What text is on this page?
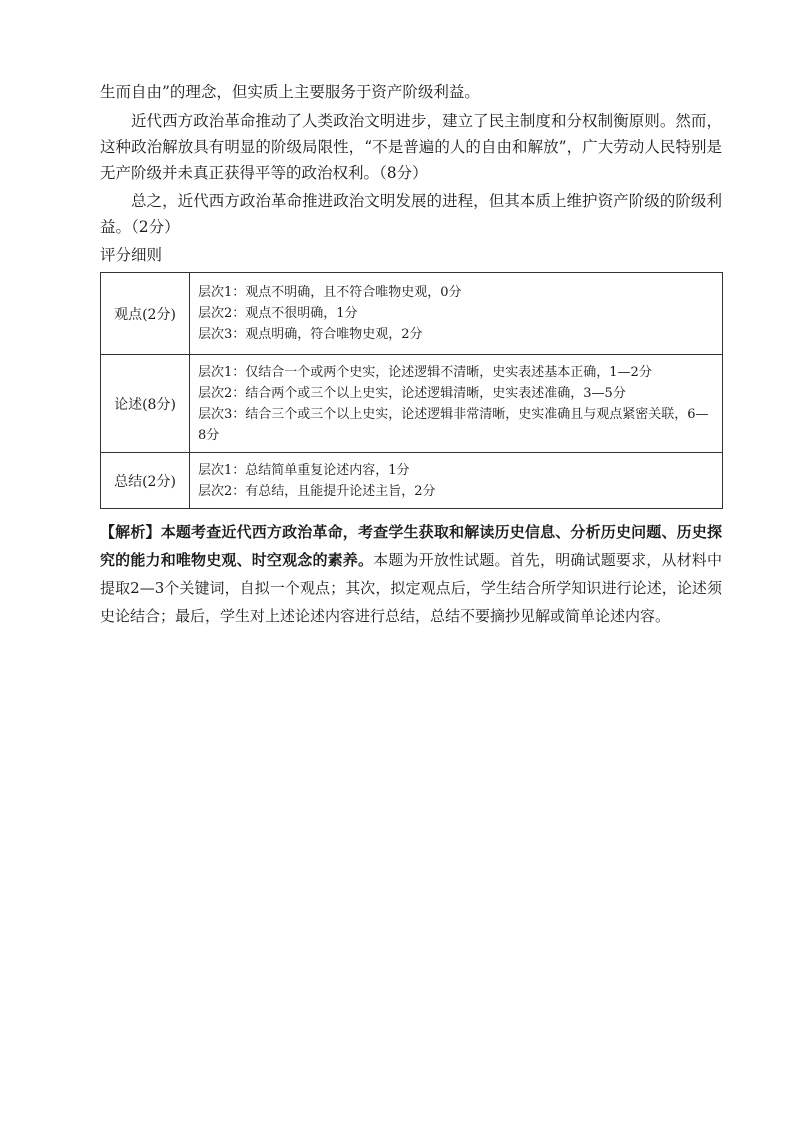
生而自由”的理念，但实质上主要服务于资产阶级利益。
近代西方政治革命推动了人类政治文明进步，建立了民主制度和分权制衡原则。然而，这种政治解放具有明显的阶级局限性，“不是普遍的人的自由和解放”，广大劳动人民特别是无产阶级并未真正获得平等的政治权利。（8分）
总之，近代西方政治革命推进政治文明发展的进程，但其本质上维护资产阶级的阶级利益。（2分）
评分细则
观点(2分)	层次1：观点不明确，且不符合唯物史观，0分
层次2：观点不很明确，1分
层次3：观点明确，符合唯物史观，2分

论述(8分)	层次1：仅结合一个或两个史实，论述逻辑不清晰，史实表述基本正确，1—2分
层次2：结合两个或三个以上史实，论述逻辑清晰，史实表述准确，3—5分
层次3：结合三个或三个以上史实，论述逻辑非常清晰，史实准确且与观点紧密关联，6—8分

总结(2分)	层次1：总结简单重复论述内容，1分
层次2：有总结，且能提升论述主旨，2分
【解析】本题考查近代西方政治革命，考查学生获取和解读历史信息、分析历史问题、历史探究的能力和唯物史观、时空观念的素养。本题为开放性试题。首先，明确试题要求，从材料中提取2—3个关键词，自拟一个观点；其次，拟定观点后，学生结合所学知识进行论述，论述须史论结合；最后，学生对上述论述内容进行总结，总结不要摘抄见解或简单论述内容。
